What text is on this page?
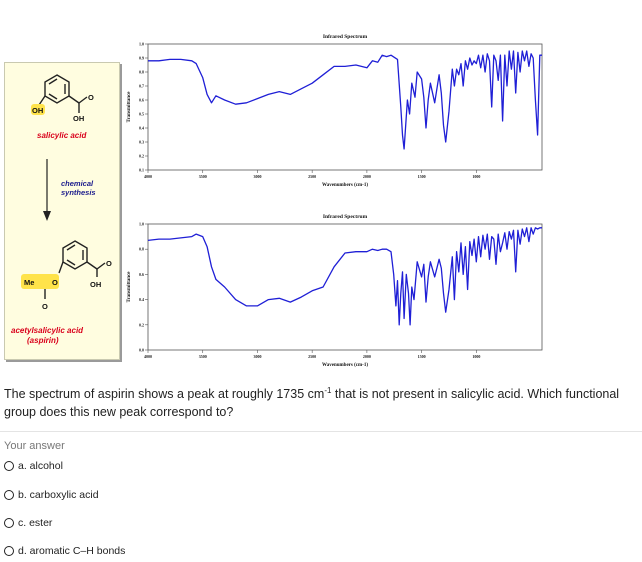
OH
O
OH
salicylic acid
chemical
synthesis
Me O
O
O
OH
acetylsalicylic acid
(aspirin)
Infrared Spectrum
0.1
0.2
0.3
0.4
0.5
0.6
0.7
0.8
0.9
1.0
4000	3500	3000	2500	2000	1500	1000
Wavenumbers (cm-1)
Transmittance
Infrared Spectrum
0.0
0.2
0.4
0.6
0.8
1.0
4000	3500	3000	2500	2000	1500	1000
Wavenumbers (cm-1)
Transmittance
The spectrum of aspirin shows a peak at roughly 1735 $cm^{-1}$ that is not present in salicylic acid. Which functional group does this new peak correspond to?
Your answer
a. alcohol
b. carboxylic acid
c. ester
d. aromatic C–H bonds
